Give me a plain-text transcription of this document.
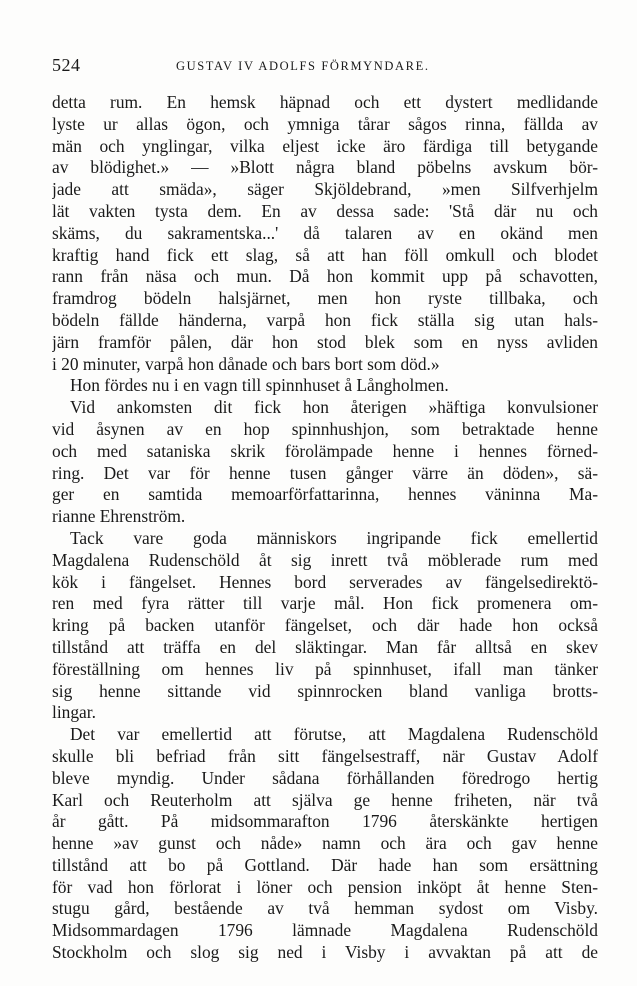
524	GUSTAV IV ADOLFS FÖRMYNDARE.
detta rum. En hemsk häpnad och ett dystert medlidande
lyste ur allas ögon, och ymniga tårar sågos rinna, fällda av
män och ynglingar, vilka eljest icke äro färdiga till betygande
av blödighet.» — »Blott några bland pöbelns avskum bör-
jade att smäda», säger Skjöldebrand, »men Silfverhjelm
lät vakten tysta dem. En av dessa sade: 'Stå där nu och
skäms, du sakramentska...' då talaren av en okänd men
kraftig hand fick ett slag, så att han föll omkull och blodet
rann från näsa och mun. Då hon kommit upp på schavotten,
framdrog bödeln halsjärnet, men hon ryste tillbaka, och
bödeln fällde händerna, varpå hon fick ställa sig utan hals-
järn framför pålen, där hon stod blek som en nyss avliden
i 20 minuter, varpå hon dånade och bars bort som död.»
Hon fördes nu i en vagn till spinnhuset å Långholmen.
Vid ankomsten dit fick hon återigen »häftiga konvulsioner
vid åsynen av en hop spinnhushjon, som betraktade henne
och med sataniska skrik förolämpade henne i hennes förned-
ring. Det var för henne tusen gånger värre än döden», sä-
ger en samtida memoarförfattarinna, hennes väninna Ma-
rianne Ehrenström.
Tack vare goda människors ingripande fick emellertid
Magdalena Rudenschöld åt sig inrett två möblerade rum med
kök i fängelset. Hennes bord serverades av fängelsedirektö-
ren med fyra rätter till varje mål. Hon fick promenera om-
kring på backen utanför fängelset, och där hade hon också
tillstånd att träffa en del släktingar. Man får alltså en skev
föreställning om hennes liv på spinnhuset, ifall man tänker
sig henne sittande vid spinnrocken bland vanliga brotts-
lingar.
Det var emellertid att förutse, att Magdalena Rudenschöld
skulle bli befriad från sitt fängelsestraff, när Gustav Adolf
bleve myndig. Under sådana förhållanden föredrogo hertig
Karl och Reuterholm att själva ge henne friheten, när två
år gått. På midsommarafton 1796 återskänkte hertigen
henne »av gunst och nåde» namn och ära och gav henne
tillstånd att bo på Gottland. Där hade han som ersättning
för vad hon förlorat i löner och pension inköpt åt henne Sten-
stugu gård, bestående av två hemman sydost om Visby.
Midsommardagen 1796 lämnade Magdalena Rudenschöld
Stockholm och slog sig ned i Visby i avvaktan på att de
